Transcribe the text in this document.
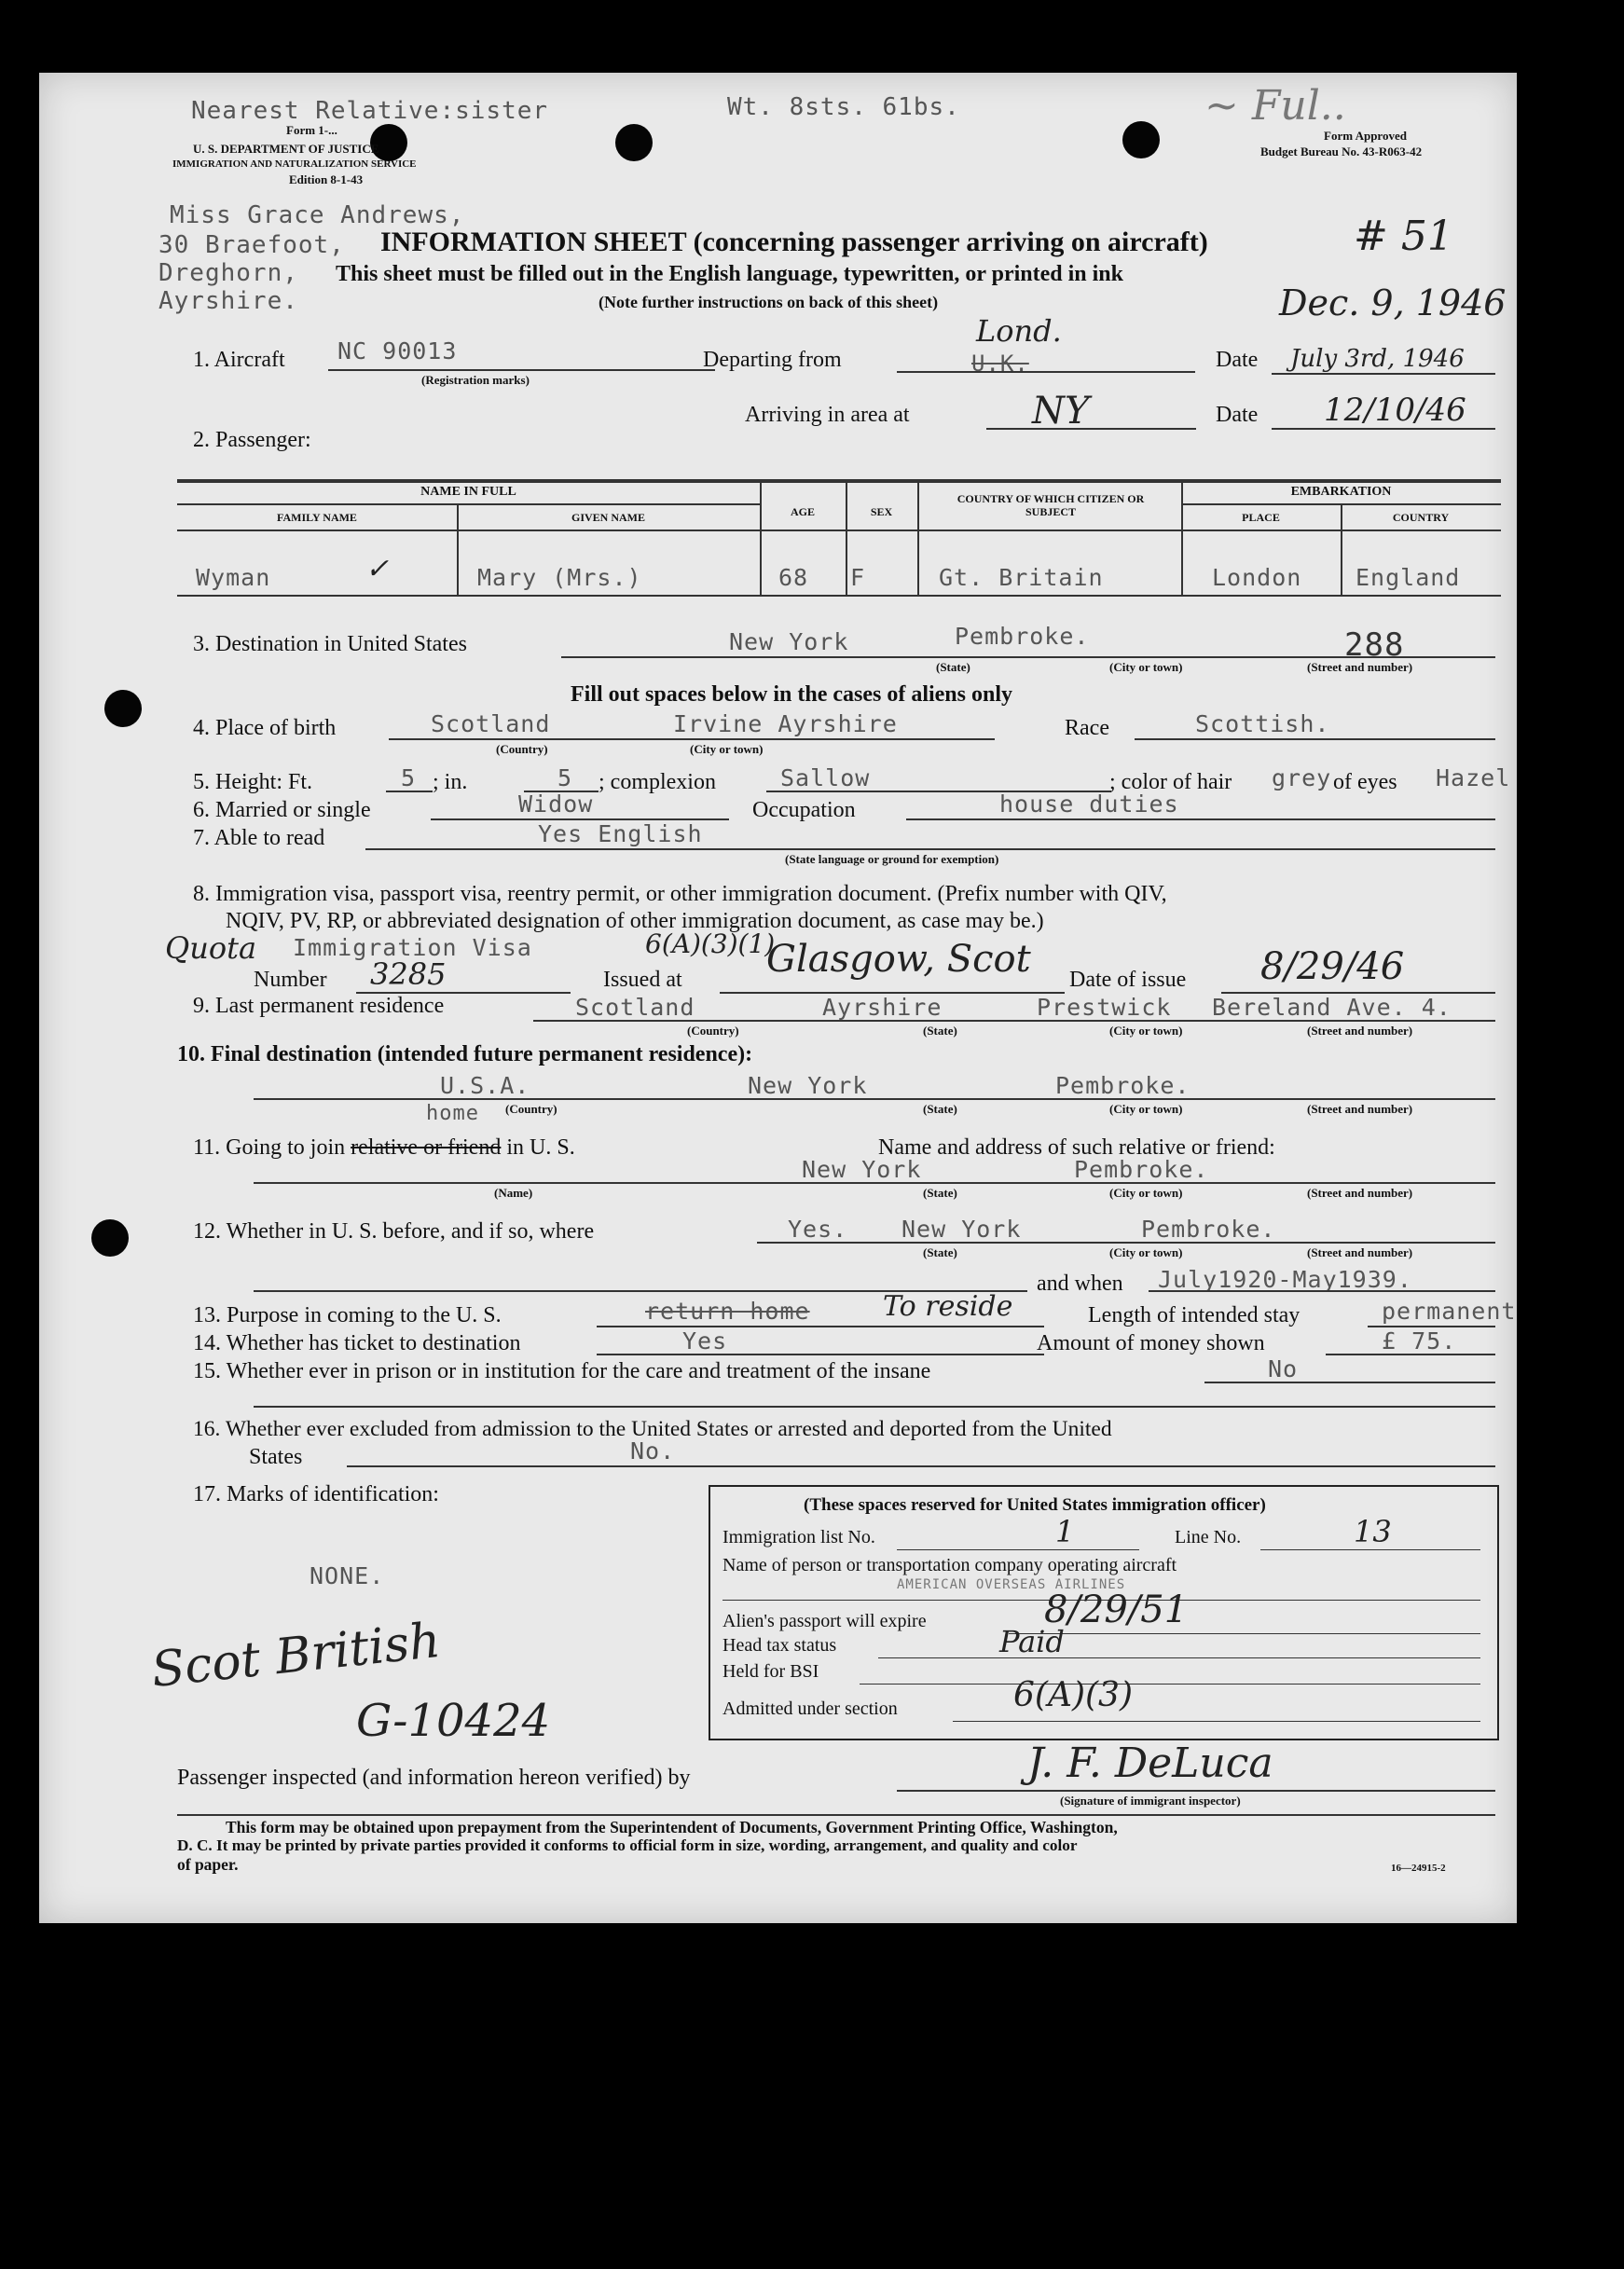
Nearest Relative:sister	Wt. 8sts. 61bs.	~ Ful..
Form 1-...
U. S. DEPARTMENT OF JUSTICE
IMMIGRATION AND NATURALIZATION SERVICE
Edition 8-1-43
Form Approved
Budget Bureau No. 43-R063-42
Miss Grace Andrews,
30 Braefoot,
Dreghorn,
Ayrshire.
INFORMATION SHEET (concerning passenger arriving on aircraft)
This sheet must be filled out in the English language, typewritten, or printed in ink
(Note further instructions on back of this sheet)
# 51
Dec. 9, 1946
1. Aircraft NC 90013
(Registration marks)
Departing from	U.K.
Lond.
Date July 3rd, 1946
Arriving in area at	NY	Date 12/10/46
2. Passenger:
NAME IN FULL
FAMILY NAME	GIVEN NAME	AGE	SEX
COUNTRY OF WHICH CITIZEN OR SUBJECT
EMBARKATION
PLACE	COUNTRY
Wyman	✓	Mary (Mrs.)	68 F	Gt. Britain	London England
3. Destination in United States	New York	Pembroke.	288
(State)	(City or town)	(Street and number)
Fill out spaces below in the cases of aliens only
4. Place of birth	Scotland	Irvine Ayrshire
(Country)	(City or town)
Race	Scottish.
5. Height: Ft.	5 ; in.	5 ; complexion	Sallow	; color of hair grey of eyes Hazel
6. Married or single	Widow	Occupation	house duties
7. Able to read	Yes English
(State language or ground for exemption)
8. Immigration visa, passport visa, reentry permit, or other immigration document. (Prefix number with QIV,
NQIV, PV, RP, or abbreviated designation of other immigration document, as case may be.)
Quota Immigration Visa	6(A)(3)(1)
Number 3285	Issued at Glasgow, Scot Date of issue 8/29/46
9. Last permanent residence	Scotland	Ayrshire	Prestwick Bereland Ave. 4.
(Country)	(State)	(City or town)	(Street and number)
10. Final destination (intended future permanent residence):
U.S.A.	New York	Pembroke.
home (Country)	(State)	(City or town)	(Street and number)
11. Going to join relative or friend in U. S.	Name and address of such relative or friend:
New York	Pembroke.
(Name)	(State)	(City or town)	(Street and number)
12. Whether in U. S. before, and if so, where	Yes. New York	Pembroke.
(State)	(City or town)	(Street and number)
and when July1920-May1939.
13. Purpose in coming to the U. S.	return home	To reside	Length of intended stay	permanent
14. Whether has ticket to destination	Yes	Amount of money shown	£ 75.
15. Whether ever in prison or in institution for the care and treatment of the insane	No
16. Whether ever excluded from admission to the United States or arrested and deported from the United
States	No.
17. Marks of identification:
NONE.
(These spaces reserved for United States immigration officer)
Immigration list No.	1	Line No.	13
Name of person or transportation company operating aircraft
AMERICAN OVERSEAS AIRLINES
Alien's passport will expire	8/29/51
Head tax status	Paid
Held for BSI
Admitted under section	6(A)(3)
Scot British
G-10424
Passenger inspected (and information hereon verified) by	J. F. DeLuca
(Signature of immigrant inspector)
This form may be obtained upon prepayment from the Superintendent of Documents, Government Printing Office, Washington,
D. C. It may be printed by private parties provided it conforms to official form in size, wording, arrangement, and quality and color
of paper.	16—24915-2
